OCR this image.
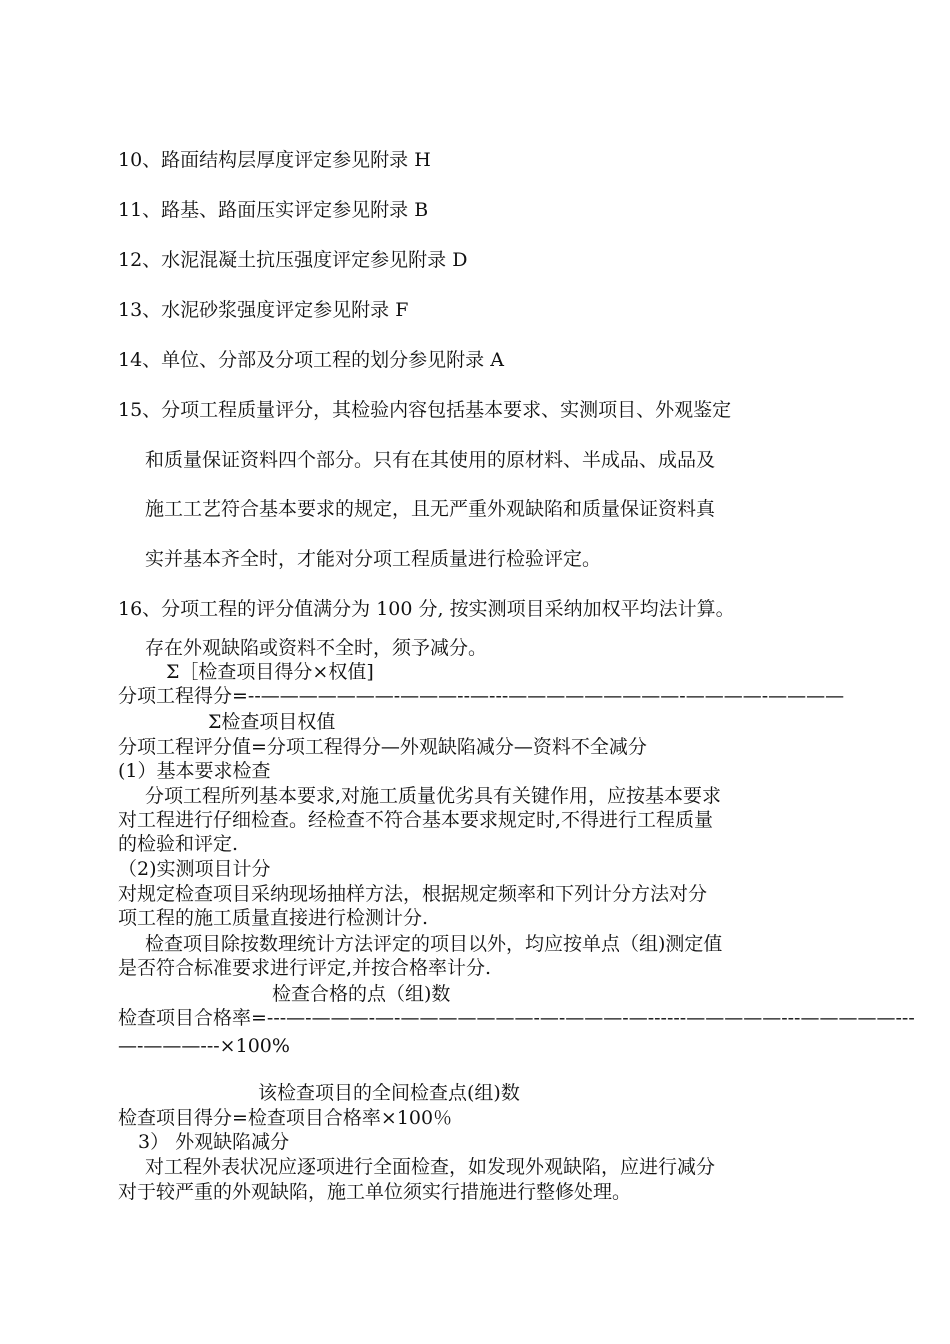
10、路面结构层厚度评定参见附录 H
11、路基、路面压实评定参见附录 B
12、水泥混凝土抗压强度评定参见附录 D
13、水泥砂浆强度评定参见附录 F
14、单位、分部及分项工程的划分参见附录 A
15、分项工程质量评分，其检验内容包括基本要求、实测项目、外观鉴定
和质量保证资料四个部分。只有在其使用的原材料、半成品、成品及
施工工艺符合基本要求的规定，且无严重外观缺陷和质量保证资料真
实并基本齐全时，才能对分项工程质量进行检验评定。
16、分项工程的评分值满分为 100 分, 按实测项目采纳加权平均法计算。
存在外观缺陷或资料不全时，须予减分。
Σ［检查项目得分×权值]
分项工程得分=--———————-———--—---—————————-————-————
Σ检查项目权值
分项工程评分值=分项工程得分—外观缺陷减分—资料不全减分
(1）基本要求检查
分项工程所列基本要求,对施工质量优劣具有关键作用，应按基本要求
对工程进行仔细检查。经检查不符合基本要求规定时,不得进行工程质量
的检验和评定.
（2)实测项目计分
对规定检查项目采纳现场抽样方法，根据规定频率和下列计分方法对分
项工程的施工质量直接进行检测计分.
检查项目除按数理统计方法评定的项目以外，均应按单点（组)测定值
是否符合标准要求进行评定,并按合格率计分.
检查合格的点（组)数
检查项目合格率=---—-———-—-———————-—-———-—------—————---—————---
—-———---×100%
该检查项目的全间检查点(组)数
检查项目得分=检查项目合格率×100％
3） 外观缺陷减分
对工程外表状况应逐项进行全面检查，如发现外观缺陷，应进行减分
对于较严重的外观缺陷，施工单位须实行措施进行整修处理。
